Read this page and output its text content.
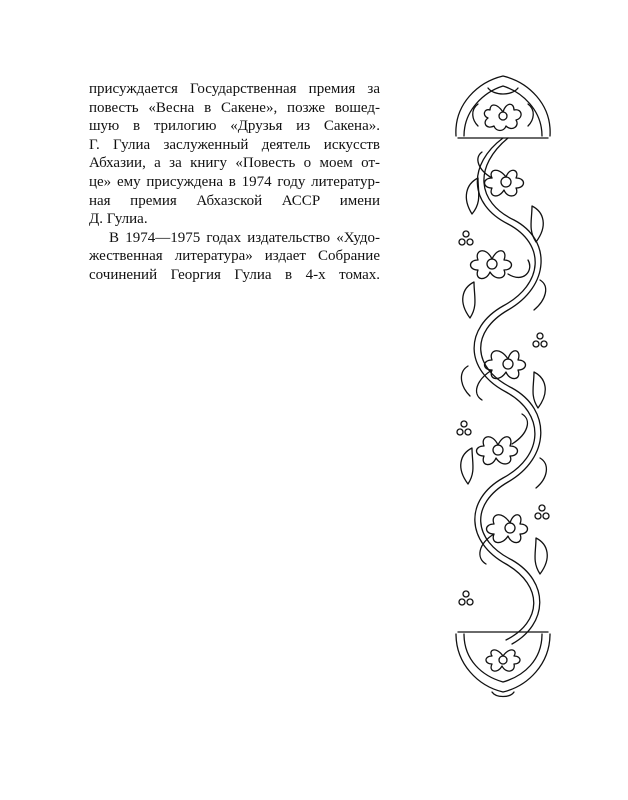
присуждается Государственная премия за
повесть «Весна в Сакене», позже вошед-
шую в трилогию «Друзья из Сакена».
Г. Гулиа заслуженный деятель искусств
Абхазии, а за книгу «Повесть о моем от-
це» ему присуждена в 1974 году литератур-
ная премия Абхазской АССР имени
Д. Гулиа.
В 1974—1975 годах издательство «Худо-
жественная литература» издает Собрание
сочинений Георгия Гулиа в 4-х томах.
